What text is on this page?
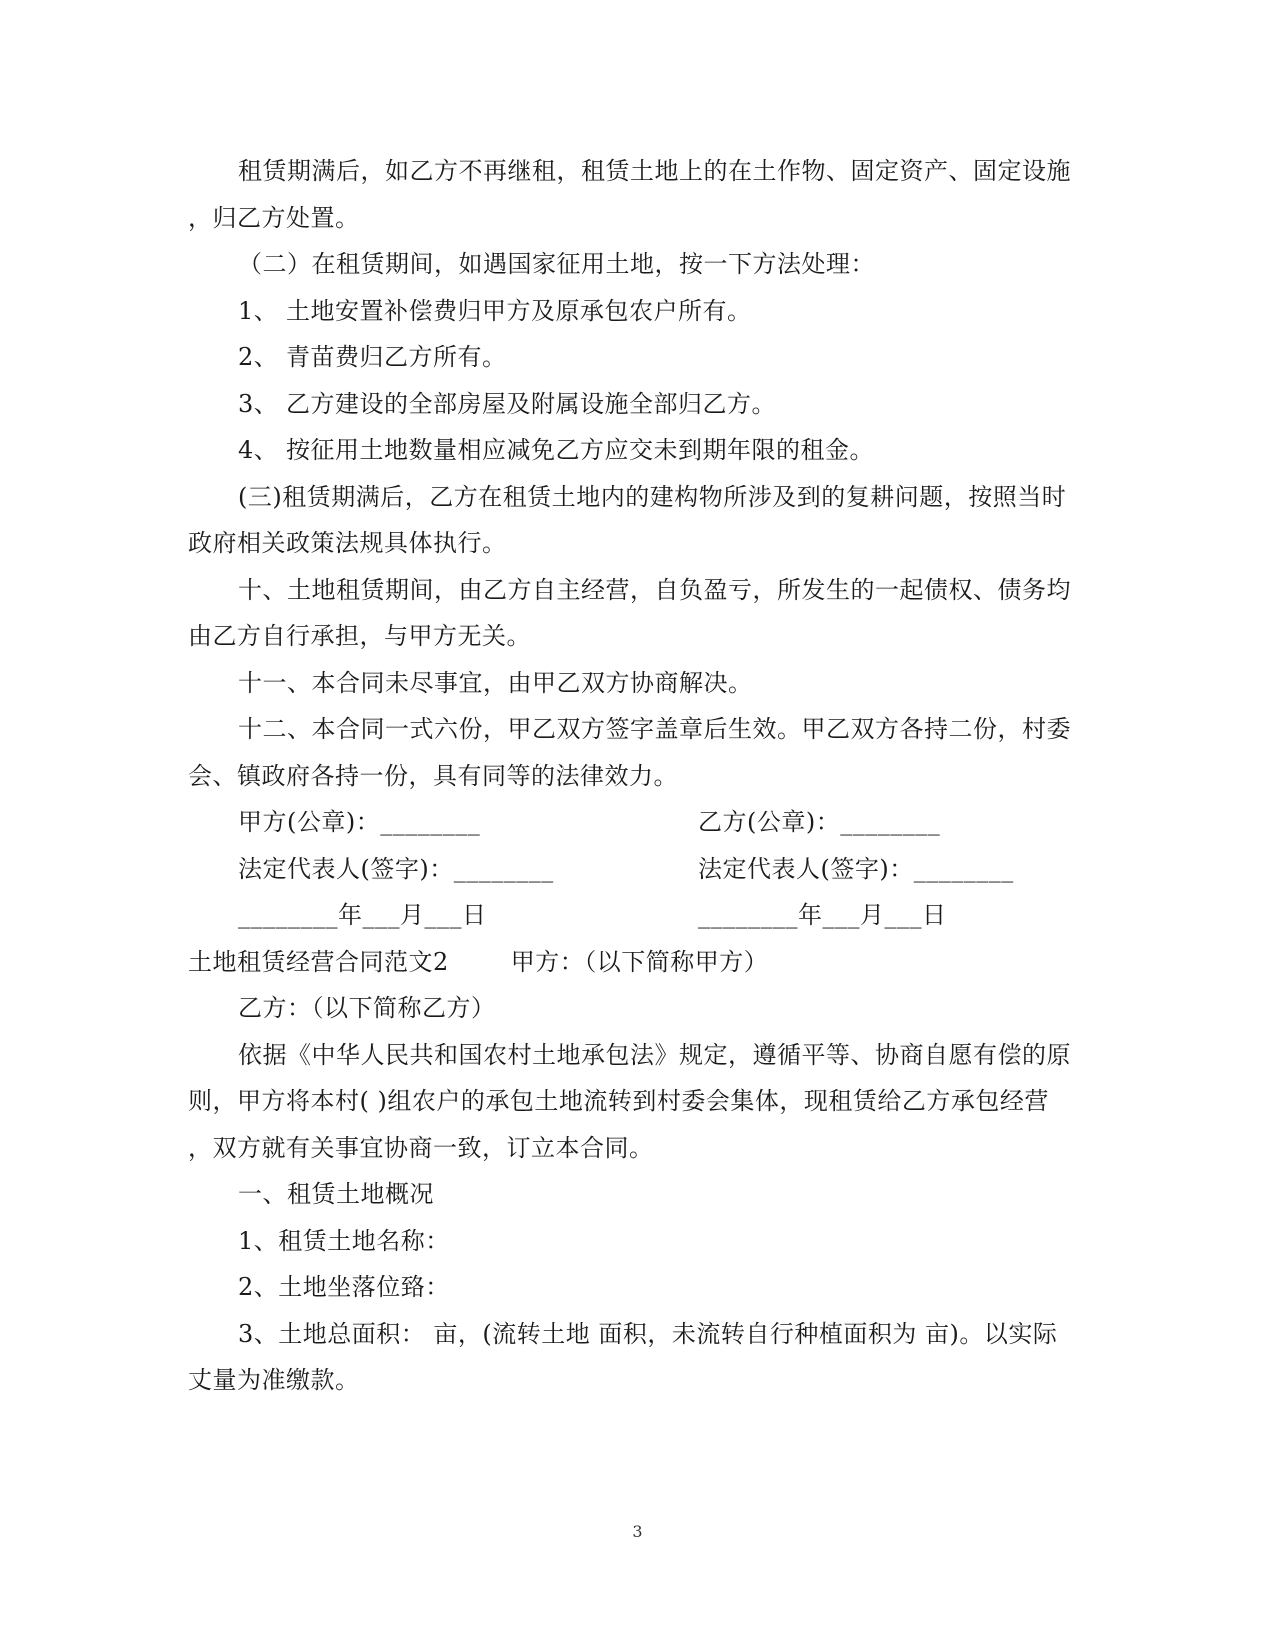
租赁期满后，如乙方不再继租，租赁土地上的在土作物、固定资产、固定设施
，归乙方处置。
（二）在租赁期间，如遇国家征用土地，按一下方法处理：
1、 土地安置补偿费归甲方及原承包农户所有。
2、 青苗费归乙方所有。
3、 乙方建设的全部房屋及附属设施全部归乙方。
4、 按征用土地数量相应减免乙方应交未到期年限的租金。
(三)租赁期满后，乙方在租赁土地内的建构物所涉及到的复耕问题，按照当时
政府相关政策法规具体执行。
十、土地租赁期间，由乙方自主经营，自负盈亏，所发生的一起债权、债务均
由乙方自行承担，与甲方无关。
十一、本合同未尽事宜，由甲乙双方协商解决。
十二、本合同一式六份，甲乙双方签字盖章后生效。甲乙双方各持二份，村委
会、镇政府各持一份，具有同等的法律效力。
甲方(公章)：________	乙方(公章)：________
法定代表人(签字)：________	法定代表人(签字)：________
________年___月___日	________年___月___日
土地租赁经营合同范文2	甲方：（以下简称甲方）
乙方：（以下简称乙方）
依据《中华人民共和国农村土地承包法》规定，遵循平等、协商自愿有偿的原
则，甲方将本村( )组农户的承包土地流转到村委会集体，现租赁给乙方承包经营
，双方就有关事宜协商一致，订立本合同。
一、租赁土地概况
1、租赁土地名称：
2、土地坐落位臵：
3、土地总面积： 亩，(流转土地 面积，未流转自行种植面积为 亩)。以实际
丈量为准缴款。
3
